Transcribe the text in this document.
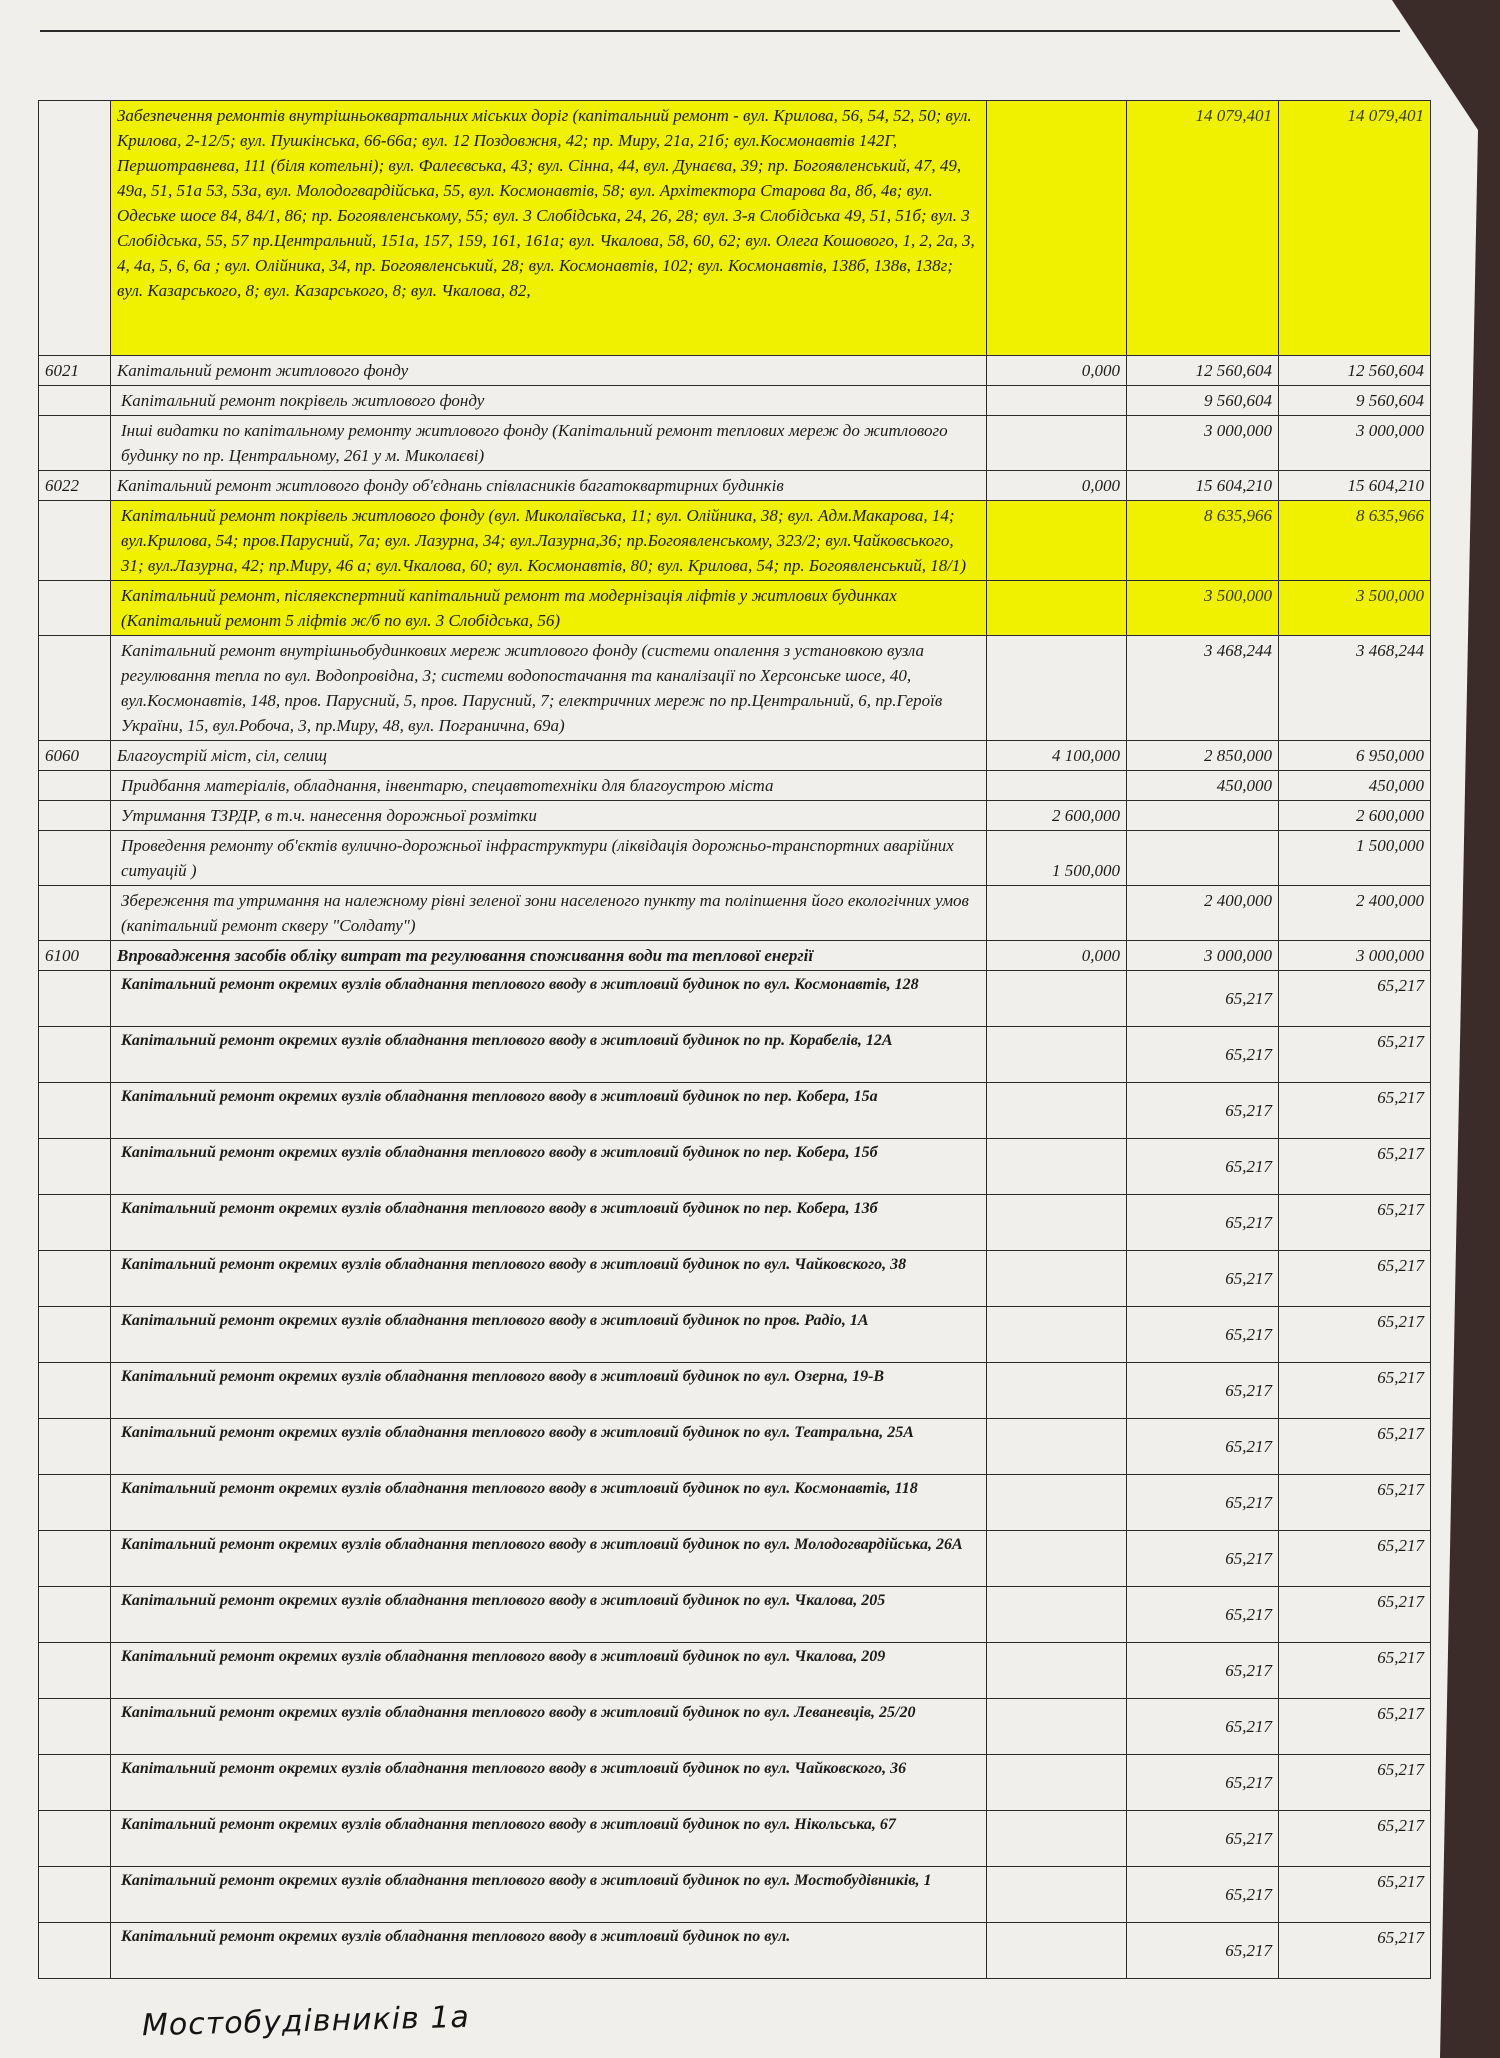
	Забезпечення ремонтів внутрішньоквартальних міських доріг (капітальний ремонт - вул. Крилова, 56, 54, 52, 50; вул. Крилова, 2-12/5; вул. Пушкінська, 66-66а; вул. 12 Поздовжня, 42; пр. Миру, 21а, 21б; вул.Космонавтів 142Г, Першотравнева, 111 (біля котельні); вул. Фалеєвська, 43; вул. Сінна, 44, вул. Дунаєва, 39; пр. Богоявленський, 47, 49, 49а, 51, 51а 53, 53а, вул. Молодогвардійська, 55, вул. Космонавтів, 58; вул. Архітектора Старова 8а, 8б, 4в; вул. Одеське шосе 84, 84/1, 86; пр. Богоявленському, 55; вул. 3 Слобідська, 24, 26, 28; вул. 3-я Слобідська 49, 51, 51б; вул. 3 Слобідська, 55, 57 пр.Центральний, 151а, 157, 159, 161, 161а; вул. Чкалова, 58, 60, 62; вул. Олега Кошового, 1, 2, 2а, 3, 4, 4а, 5, 6, 6а ; вул. Олійника, 34, пр. Богоявленський, 28; вул. Космонавтів, 102; вул. Космонавтів, 138б, 138в, 138г; вул. Казарського, 8; вул. Казарського, 8; вул. Чкалова, 82,		14 079,401	14 079,401
6021	Капітальний ремонт житлового фонду	0,000	12 560,604	12 560,604
	Капітальний ремонт покрівель житлового фонду		9 560,604	9 560,604
	Інші видатки по капітальному ремонту житлового фонду (Капітальний ремонт теплових мереж до житлового будинку по пр. Центральному, 261 у м. Миколаєві)		3 000,000	3 000,000
6022	Капітальний ремонт житлового фонду об'єднань співласників багатоквартирних будинків	0,000	15 604,210	15 604,210
	Капітальний ремонт покрівель житлового фонду (вул. Миколаївська, 11; вул. Олійника, 38; вул. Адм.Макарова, 14; вул.Крилова, 54; пров.Парусний, 7а; вул. Лазурна, 34; вул.Лазурна,36; пр.Богоявленському, 323/2; вул.Чайковського, 31; вул.Лазурна, 42; пр.Миру, 46 а; вул.Чкалова, 60; вул. Космонавтів, 80; вул. Крилова, 54; пр. Богоявленський, 18/1)		8 635,966	8 635,966
	Капітальний ремонт, післяекспертний капітальний ремонт та модернізація ліфтів у житлових будинках (Капітальний ремонт 5 ліфтів ж/б по вул. 3 Слобідська, 56)		3 500,000	3 500,000
	Капітальний ремонт внутрішньобудинкових мереж житлового фонду (системи опалення з установкою вузла регулювання тепла по вул. Водопровідна, 3; системи водопостачання та каналізації по Херсонське шосе, 40, вул.Космонавтів, 148, пров. Парусний, 5, пров. Парусний, 7; електричних мереж по пр.Центральний, 6, пр.Героїв України, 15, вул.Робоча, 3, пр.Миру, 48, вул. Погранична, 69а)		3 468,244	3 468,244
6060	Благоустрій міст, сіл, селищ	4 100,000	2 850,000	6 950,000
	Придбання матеріалів, обладнання, інвентарю, спецавтотехніки для благоустрою міста		450,000	450,000
	Утримання ТЗРДР, в т.ч. нанесення дорожньої розмітки	2 600,000		2 600,000
	Проведення ремонту об'єктів вулично-дорожньої інфраструктури (ліквідація дорожньо-транспортних аварійних ситуацій )	1 500,000		1 500,000
	Збереження та утримання на належному рівні зеленої зони населеного пункту та поліпшення його екологічних умов (капітальний ремонт скверу "Солдату")		2 400,000	2 400,000
6100	Впровадження засобів обліку витрат та регулювання споживання води та теплової енергії	0,000	3 000,000	3 000,000
	Капітальний ремонт окремих вузлів обладнання теплового вводу в житловий будинок по вул. Космонавтів, 128		65,217	65,217
	Капітальний ремонт окремих вузлів обладнання теплового вводу в житловий будинок по пр. Корабелів, 12А		65,217	65,217
	Капітальний ремонт окремих вузлів обладнання теплового вводу в житловий будинок по пер. Кобера, 15а		65,217	65,217
	Капітальний ремонт окремих вузлів обладнання теплового вводу в житловий будинок по пер. Кобера, 15б		65,217	65,217
	Капітальний ремонт окремих вузлів обладнання теплового вводу в житловий будинок по пер. Кобера, 13б		65,217	65,217
	Капітальний ремонт окремих вузлів обладнання теплового вводу в житловий будинок по вул. Чайковского, 38		65,217	65,217
	Капітальний ремонт окремих вузлів обладнання теплового вводу в житловий будинок по пров. Радіо, 1А		65,217	65,217
	Капітальний ремонт окремих вузлів обладнання теплового вводу в житловий будинок по вул. Озерна, 19-В		65,217	65,217
	Капітальний ремонт окремих вузлів обладнання теплового вводу в житловий будинок по вул. Театральна, 25А		65,217	65,217
	Капітальний ремонт окремих вузлів обладнання теплового вводу в житловий будинок по вул. Космонавтів, 118		65,217	65,217
	Капітальний ремонт окремих вузлів обладнання теплового вводу в житловий будинок по вул. Молодогвардійська, 26А		65,217	65,217
	Капітальний ремонт окремих вузлів обладнання теплового вводу в житловий будинок по вул. Чкалова, 205		65,217	65,217
	Капітальний ремонт окремих вузлів обладнання теплового вводу в житловий будинок по вул. Чкалова, 209		65,217	65,217
	Капітальний ремонт окремих вузлів обладнання теплового вводу в житловий будинок по вул. Леваневців, 25/20		65,217	65,217
	Капітальний ремонт окремих вузлів обладнання теплового вводу в житловий будинок по вул. Чайковского, 36		65,217	65,217
	Капітальний ремонт окремих вузлів обладнання теплового вводу в житловий будинок по вул. Нікольська, 67		65,217	65,217
	Капітальний ремонт окремих вузлів обладнання теплового вводу в житловий будинок по вул. Мостобудівників, 1		65,217	65,217
	Капітальний ремонт окремих вузлів обладнання теплового вводу в житловий будинок по вул.		65,217	65,217
Мостобудівників 1а
